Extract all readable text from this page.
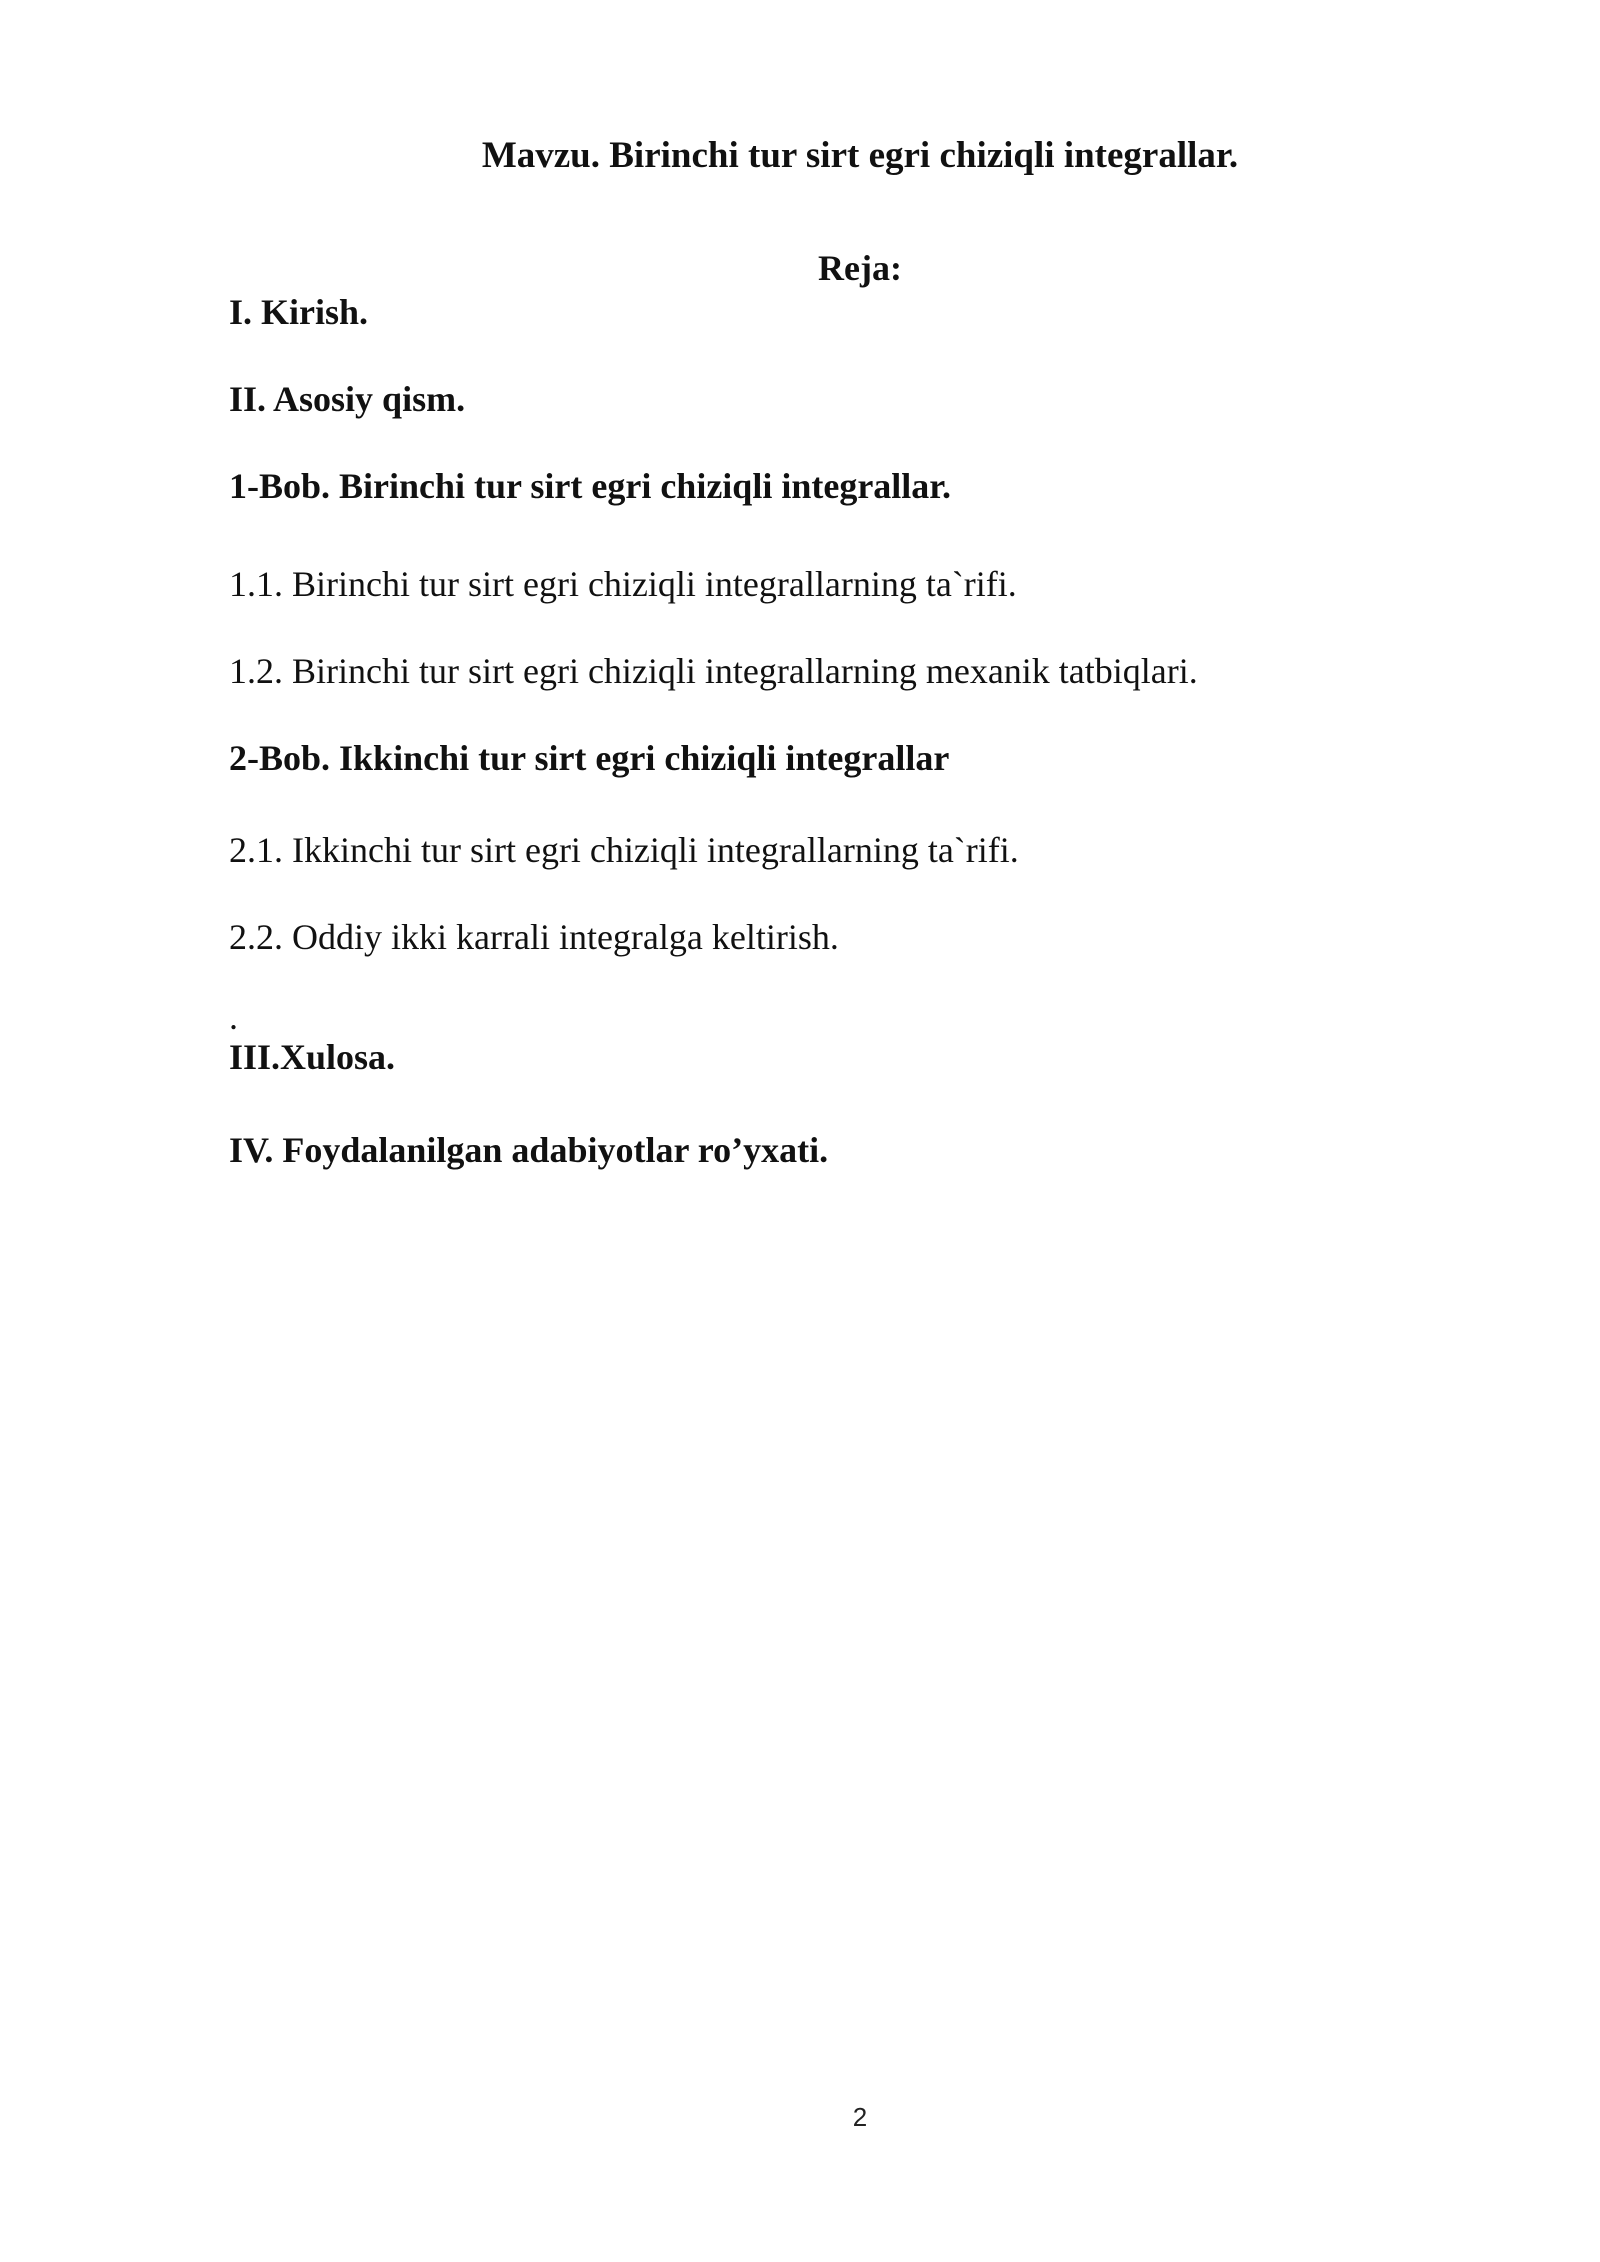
Mavzu. Birinchi tur sirt egri chiziqli integrallar.
Reja:
I. Kirish.
II. Asosiy qism.
1-Bob. Birinchi tur sirt egri chiziqli integrallar.
1.1. Birinchi tur sirt egri chiziqli integrallarning ta`rifi.
1.2. Birinchi tur sirt egri chiziqli integrallarning mexanik tatbiqlari.
2-Bob. Ikkinchi tur sirt egri chiziqli integrallar
2.1. Ikkinchi tur sirt egri chiziqli integrallarning ta`rifi.
2.2. Oddiy ikki karrali integralga keltirish.
.
III.Xulosa.
IV. Foydalanilgan adabiyotlar ro’yxati.
2
